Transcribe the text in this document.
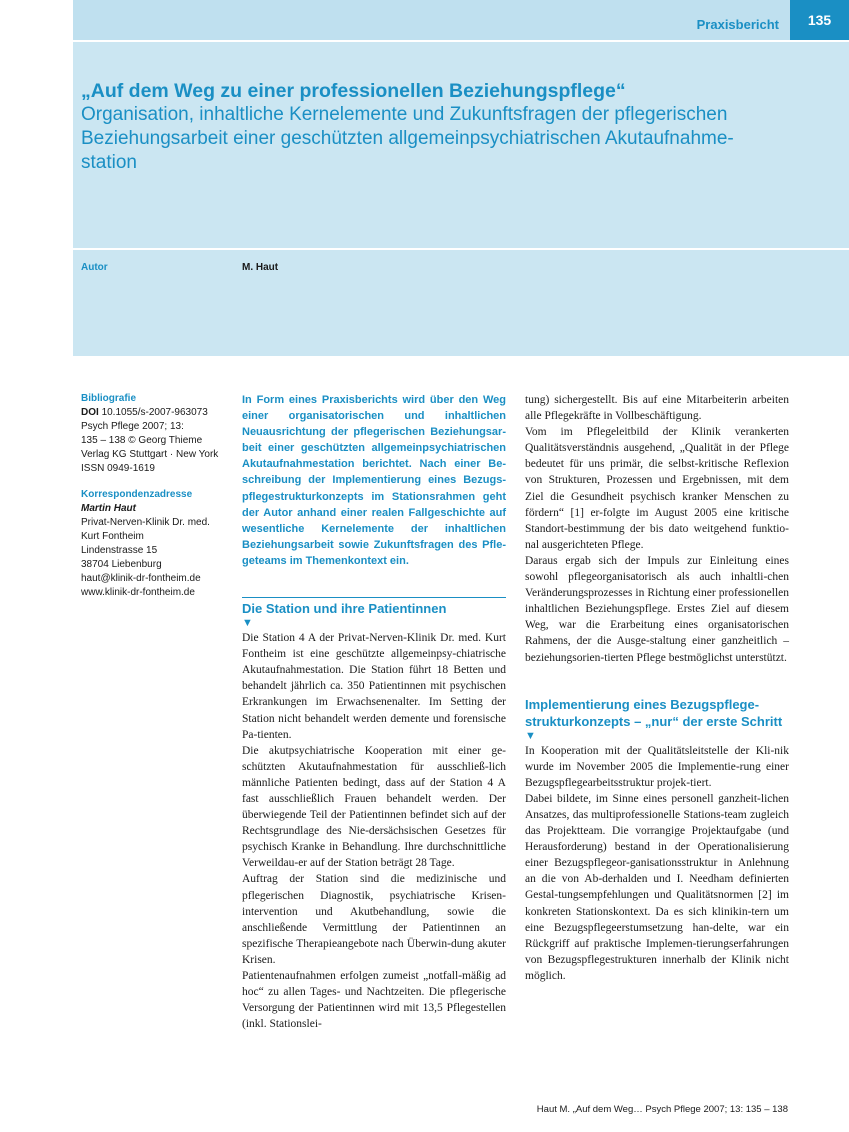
Praxisbericht	135
„Auf dem Weg zu einer professionellen Beziehungspflege“
Organisation, inhaltliche Kernelemente und Zukunftsfragen der pflegerischen Beziehungsarbeit einer geschützten allgemeinpsychiatrischen Akutaufnahme-station
Autor	M. Haut
Bibliografie
DOI 10.1055/s-2007-963073
Psych Pflege 2007; 13:
135 – 138 © Georg Thieme
Verlag KG Stuttgart · New York
ISSN 0949-1619
Korrespondenzadresse
Martin Haut
Privat-Nerven-Klinik Dr. med.
Kurt Fontheim
Lindenstrasse 15
38704 Liebenburg
haut@klinik-dr-fontheim.de
www.klinik-dr-fontheim.de

In Form eines Praxisberichts wird über den Weg einer organisatorischen und inhaltlichen Neuausrichtung der pflegerischen Beziehungsar-beit einer geschützten allgemeinpsychiatrischen Akutaufnahmestation berichtet. Nach einer Be-schreibung der Implementierung eines Bezugs-pflegestrukturkonzepts im Stationsrahmen geht der Autor anhand einer realen Fallgeschichte auf wesentliche Kernelemente der inhaltlichen Beziehungsarbeit sowie Zukunftsfragen des Pfle-geteams im Themenkontext ein.

Die Station und ihre Patientinnen
▼

Die Station 4 A der Privat-Nerven-Klinik Dr. med. Kurt Fontheim ist eine geschützte allgemeinpsy-chiatrische Akutaufnahmestation. Die Station führt 18 Betten und behandelt jährlich ca. 350 Patientinnen mit psychischen Erkrankungen im Erwachsenenalter. Im Setting der Station nicht behandelt werden demente und forensische Pa-tienten.

Die akutpsychiatrische Kooperation mit einer ge-schützten Akutaufnahmestation für ausschließ-lich männliche Patienten bedingt, dass auf der Station 4 A fast ausschließlich Frauen behandelt werden. Der überwiegende Teil der Patientinnen befindet sich auf der Rechtsgrundlage des Nie-dersächsischen Gesetzes für psychisch Kranke in Behandlung. Ihre durchschnittliche Verweildau-er auf der Station beträgt 28 Tage.

Auftrag der Station sind die medizinische und pflegerischen Diagnostik, psychiatrische Krisen-intervention und Akutbehandlung, sowie die anschließende Vermittlung der Patientinnen an spezifische Therapieangebote nach Überwin-dung akuter Krisen.

Patientenaufnahmen erfolgen zumeist „notfall-mäßig ad hoc“ zu allen Tages- und Nachtzeiten. Die pflegerische Versorgung der Patientinnen wird mit 13,5 Pflegestellen (inkl. Stationslei-

tung) sichergestellt. Bis auf eine Mitarbeiterin arbeiten alle Pflegekräfte in Vollbeschäftigung.

Vom im Pflegeleitbild der Klinik verankerten Qualitätsverständnis ausgehend, „Qualität in der Pflege bedeutet für uns primär, die selbst-kritische Reflexion von Strukturen, Prozessen und Ergebnissen, mit dem Ziel die Gesundheit psychisch kranker Menschen zu fördern“ [1] er-folgte im August 2005 eine kritische Standort-bestimmung der bis dato weitgehend funktio-nal ausgerichteten Pflege.

Daraus ergab sich der Impuls zur Einleitung eines sowohl pflegeorganisatorisch als auch inhaltli-chen Veränderungsprozesses in Richtung einer professionellen inhaltlichen Beziehungspflege. Erstes Ziel auf diesem Weg, war die Erarbeitung eines organisatorischen Rahmens, der die Ausge-staltung einer ganzheitlich – beziehungsorien-tierten Pflege bestmöglichst unterstützt.

Implementierung eines Bezugspflege-strukturkonzepts – „nur“ der erste Schritt
▼

In Kooperation mit der Qualitätsleitstelle der Kli-nik wurde im November 2005 die Implementie-rung einer Bezugspflegearbeitsstruktur projek-tiert.

Dabei bildete, im Sinne eines personell ganzheit-lichen Ansatzes, das multiprofessionelle Stations-team zugleich das Projektteam. Die vorrangige Projektaufgabe (und Herausforderung) bestand in der Operationalisierung einer Bezugspflegeor-ganisationsstruktur in Anlehnung an die von Ab-derhalden und I. Needham definierten Gestal-tungsempfehlungen und Qualitätsnormen [2] im konkreten Stationskontext. Da es sich klinikin-tern um eine Bezugspflegeerstumsetzung han-delte, war ein Rückgriff auf praktische Implemen-tierungserfahrungen von Bezugspflegestrukturen innerhalb der Klinik nicht möglich.

Haut M. „Auf dem Weg… Psych Pflege 2007; 13: 135 – 138
